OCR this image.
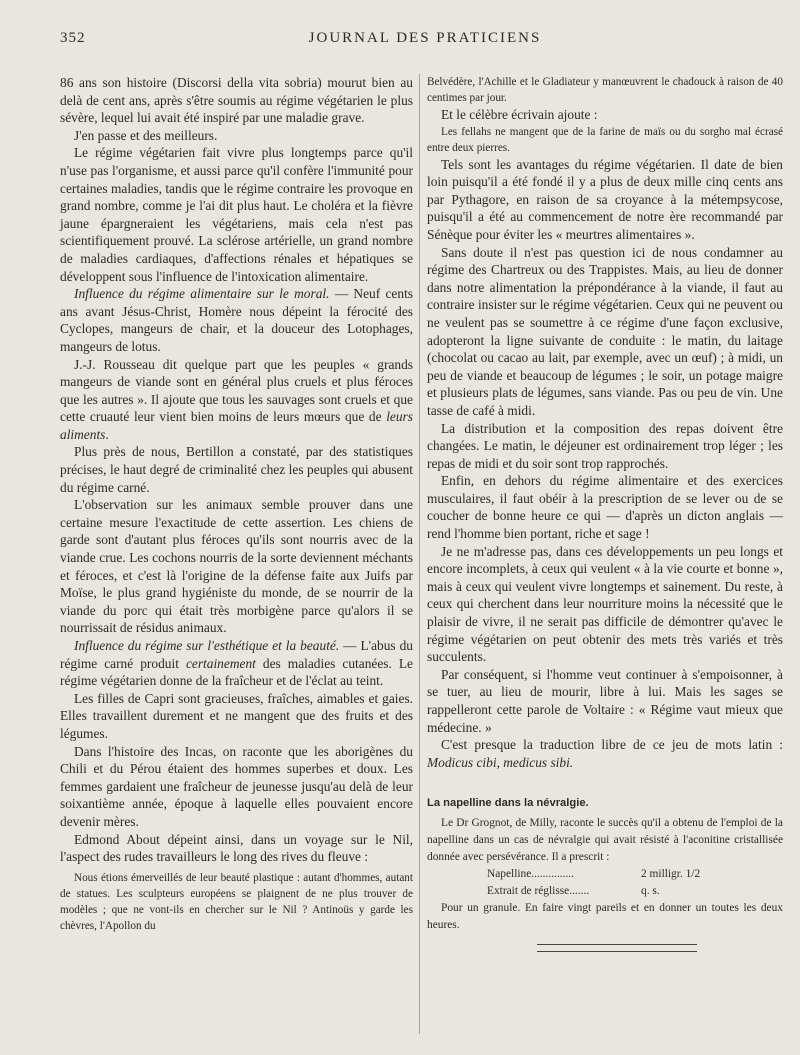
352	JOURNAL DES PRATICIENS

86 ans son histoire (Discorsi della vita sobria) mourut bien au delà de cent ans, après s'être soumis au régime végétarien le plus sévère, lequel lui avait été inspiré par une maladie grave.

J'en passe et des meilleurs.

Le régime végétarien fait vivre plus longtemps parce qu'il n'use pas l'organisme, et aussi parce qu'il confère l'immunité pour certaines maladies, tandis que le régime contraire les provoque en grand nombre, comme je l'ai dit plus haut. Le choléra et la fièvre jaune épargneraient les végétariens, mais cela n'est pas scientifiquement prouvé. La sclérose artérielle, un grand nombre de maladies cardiaques, d'affections rénales et hépatiques se développent sous l'influence de l'intoxication alimentaire.

Influence du régime alimentaire sur le moral. — Neuf cents ans avant Jésus-Christ, Homère nous dépeint la férocité des Cyclopes, mangeurs de chair, et la douceur des Lotophages, mangeurs de lotus.

J.-J. Rousseau dit quelque part que les peuples « grands mangeurs de viande sont en général plus cruels et plus féroces que les autres ». Il ajoute que tous les sauvages sont cruels et que cette cruauté leur vient bien moins de leurs mœurs que de leurs aliments.

Plus près de nous, Bertillon a constaté, par des statistiques précises, le haut degré de criminalité chez les peuples qui abusent du régime carné.

L'observation sur les animaux semble prouver dans une certaine mesure l'exactitude de cette assertion. Les chiens de garde sont d'autant plus féroces qu'ils sont nourris avec de la viande crue. Les cochons nourris de la sorte deviennent méchants et féroces, et c'est là l'origine de la défense faite aux Juifs par Moïse, le plus grand hygiéniste du monde, de se nourrir de la viande du porc qui était très morbigène parce qu'alors il se nourrissait de résidus animaux.

Influence du régime sur l'esthétique et la beauté. — L'abus du régime carné produit certainement des maladies cutanées. Le régime végétarien donne de la fraîcheur et de l'éclat au teint.

Les filles de Capri sont gracieuses, fraîches, aimables et gaies. Elles travaillent durement et ne mangent que des fruits et des légumes.

Dans l'histoire des Incas, on raconte que les aborigènes du Chili et du Pérou étaient des hommes superbes et doux. Les femmes gardaient une fraîcheur de jeunesse jusqu'au delà de leur soixantième année, époque à laquelle elles pouvaient encore devenir mères.

Edmond About dépeint ainsi, dans un voyage sur le Nil, l'aspect des rudes travailleurs le long des rives du fleuve :

Nous étions émerveillés de leur beauté plastique : autant d'hommes, autant de statues. Les sculpteurs européens se plaignent de ne plus trouver de modèles ; que ne vont-ils en chercher sur le Nil ? Antinoüs y garde les chèvres, l'Apollon du

Belvédère, l'Achille et le Gladiateur y manœuvrent le chadouck à raison de 40 centimes par jour.

Et le célèbre écrivain ajoute :

Les fellahs ne mangent que de la farine de maïs ou du sorgho mal écrasé entre deux pierres.

Tels sont les avantages du régime végétarien. Il date de bien loin puisqu'il a été fondé il y a plus de deux mille cinq cents ans par Pythagore, en raison de sa croyance à la métempsycose, puisqu'il a été au commencement de notre ère recommandé par Sénèque pour éviter les « meurtres alimentaires ».

Sans doute il n'est pas question ici de nous condamner au régime des Chartreux ou des Trappistes. Mais, au lieu de donner dans notre alimentation la prépondérance à la viande, il faut au contraire insister sur le régime végétarien. Ceux qui ne peuvent ou ne veulent pas se soumettre à ce régime d'une façon exclusive, adopteront la ligne suivante de conduite : le matin, du laitage (chocolat ou cacao au lait, par exemple, avec un œuf) ; à midi, un peu de viande et beaucoup de légumes ; le soir, un potage maigre et plusieurs plats de légumes, sans viande. Pas ou peu de vin. Une tasse de café à midi.

La distribution et la composition des repas doivent être changées. Le matin, le déjeuner est ordinairement trop léger ; les repas de midi et du soir sont trop rapprochés.

Enfin, en dehors du régime alimentaire et des exercices musculaires, il faut obéir à la prescription de se lever ou de se coucher de bonne heure ce qui — d'après un dicton anglais — rend l'homme bien portant, riche et sage !

Je ne m'adresse pas, dans ces développements un peu longs et encore incomplets, à ceux qui veulent « à la vie courte et bonne », mais à ceux qui veulent vivre longtemps et sainement. Du reste, à ceux qui cherchent dans leur nourriture moins la nécessité que le plaisir de vivre, il ne serait pas difficile de démontrer qu'avec le régime végétarien on peut obtenir des mets très variés et très succulents.

Par conséquent, si l'homme veut continuer à s'empoisonner, à se tuer, au lieu de mourir, libre à lui. Mais les sages se rappelleront cette parole de Voltaire : « Régime vaut mieux que médecine. »

C'est presque la traduction libre de ce jeu de mots latin : Modicus cibi, medicus sibi.

La napelline dans la névralgie.

Le Dr Grognot, de Milly, raconte le succès qu'il a obtenu de l'emploi de la napelline dans un cas de névralgie qui avait résisté à l'aconitine cristallisée donnée avec persévérance. Il a prescrit :

Napelline...............	2 milligr. 1/2
Extrait de réglisse.......	q. s.

Pour un granule. En faire vingt pareils et en donner un toutes les deux heures.
